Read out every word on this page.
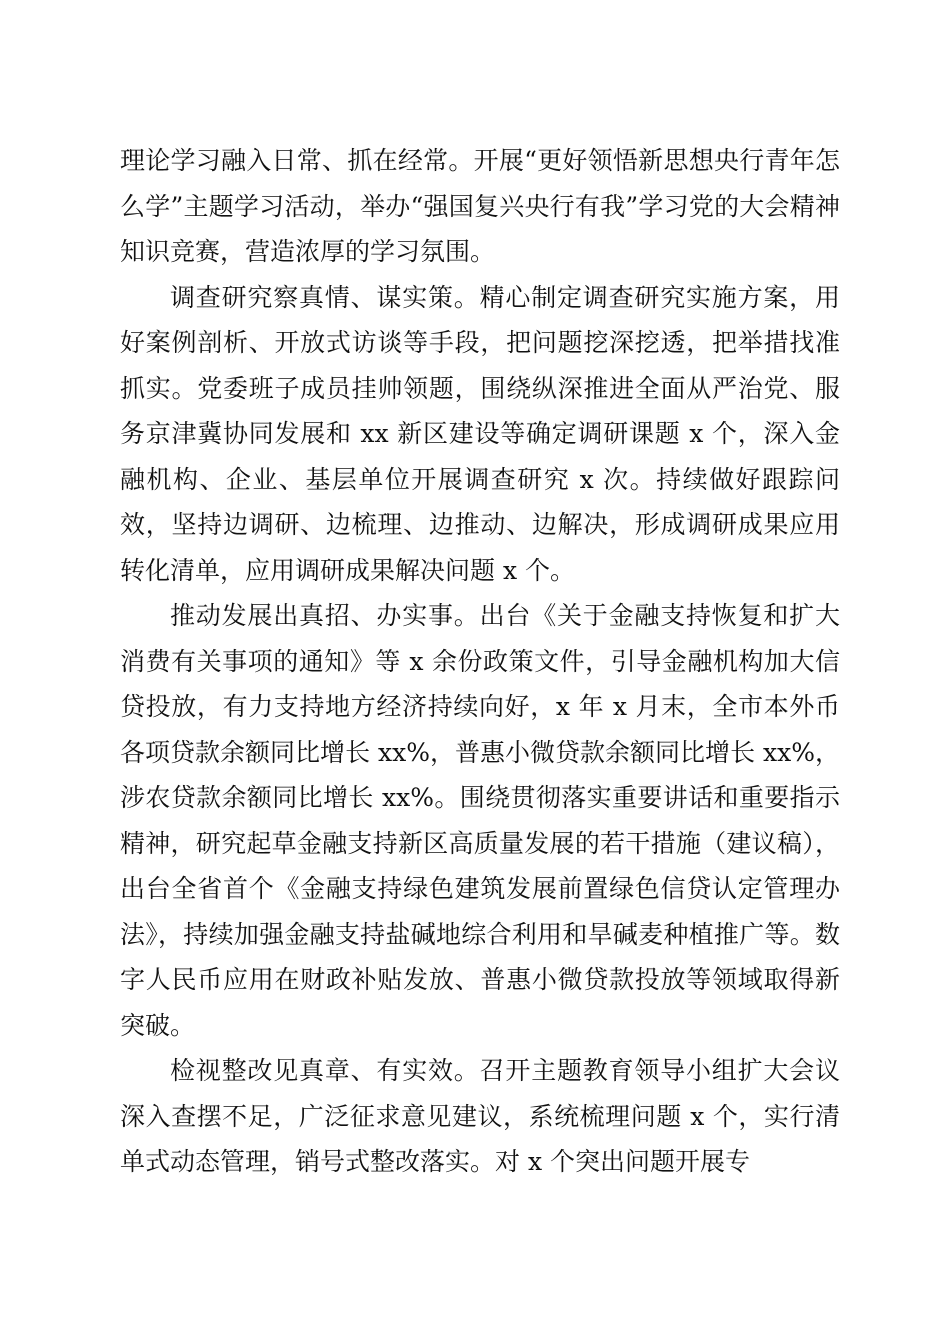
理论学习融入日常、抓在经常。开展“更好领悟新思想央行青年怎么学”主题学习活动，举办“强国复兴央行有我”学习党的大会精神知识竞赛，营造浓厚的学习氛围。

调查研究察真情、谋实策。精心制定调查研究实施方案，用好案例剖析、开放式访谈等手段，把问题挖深挖透，把举措找准抓实。党委班子成员挂帅领题，围绕纵深推进全面从严治党、服务京津冀协同发展和 xx 新区建设等确定调研课题 x 个，深入金融机构、企业、基层单位开展调查研究 x 次。持续做好跟踪问效，坚持边调研、边梳理、边推动、边解决，形成调研成果应用转化清单，应用调研成果解决问题 x 个。

推动发展出真招、办实事。出台《关于金融支持恢复和扩大消费有关事项的通知》等 x 余份政策文件，引导金融机构加大信贷投放，有力支持地方经济持续向好，x 年 x 月末，全市本外币各项贷款余额同比增长 xx%，普惠小微贷款余额同比增长 xx%，涉农贷款余额同比增长 xx%。围绕贯彻落实重要讲话和重要指示精神，研究起草金融支持新区高质量发展的若干措施（建议稿），出台全省首个《金融支持绿色建筑发展前置绿色信贷认定管理办法》，持续加强金融支持盐碱地综合利用和旱碱麦种植推广等。数字人民币应用在财政补贴发放、普惠小微贷款投放等领域取得新突破。

检视整改见真章、有实效。召开主题教育领导小组扩大会议深入查摆不足，广泛征求意见建议，系统梳理问题 x 个，实行清单式动态管理，销号式整改落实。对 x 个突出问题开展专
